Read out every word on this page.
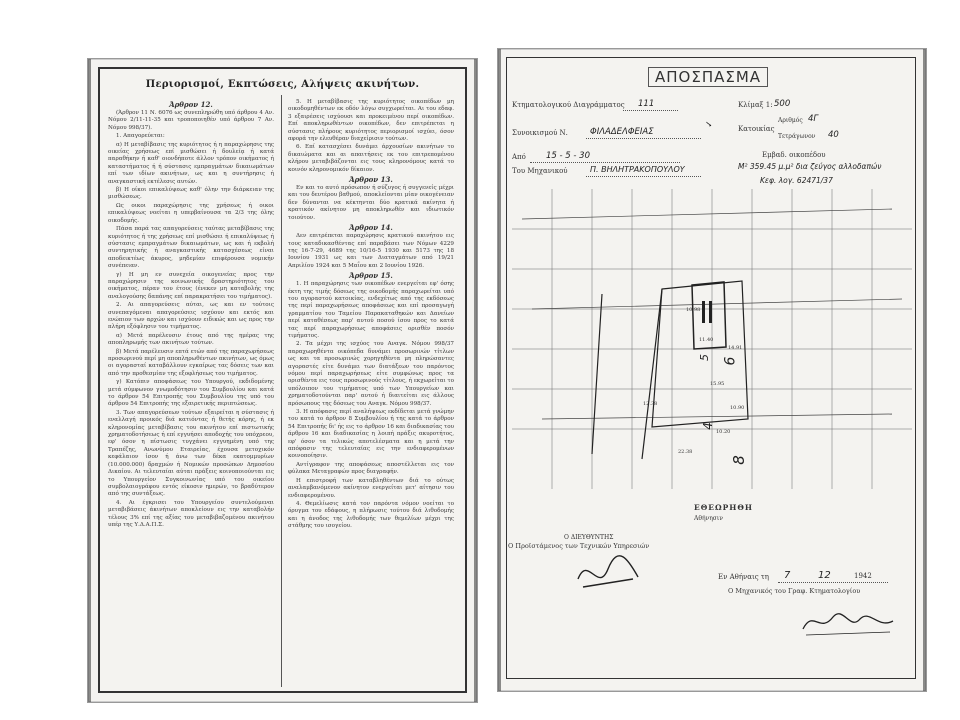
Περιορισμοί, Εκπτώσεις, Αλήψεις ακινήτων.
Άρθρον 12.

(Άρθρον 11 Ν. 6076 ως συνεπληρώθη υπό άρθρου 4 Αν. Νόμου 2/11-11-35 και τροποποιηθέν υπό άρθρου 7 Αν. Νόμου 998/37).

1. Απαγορεύεται:

α) Η μεταβίβασις της κυριότητος ή η παραχώρησις της οικείας χρήσεως επί μισθώσει ή δουλείᾳ ή κατά παραθήκην ή καθ' οιονδήποτε άλλον τρόπον οικήματος ή καταστήματος ή ή σύστασις εμπραγμάτων δικαιωμάτων επί των ιδίων ακινήτων, ως και η συντήρησις ή αναγκαστική εκτέλεσις αυτών.

β) Η οίκοι επικαλύψεως καθ' όλην την διάρκειαν της μισθώσεως.

Ως οικοι παραχώρησις της χρήσεως ή οικοι επικαλύψεως νοείται η υπερβαίνουσα τα 2/3 της όλης οικοδομής.

Πάσα παρά τας απαγορεύσεις ταύτας μεταβίβασις της κυριότητος ή της χρήσεως επί μισθώσει ή επικαλύψεως ή σύστασις εμπραγμάτων δικαιωμάτων, ως και ή εκβολή συντηρητικής ή αναγκαστικής κατασχέσεως είναι αποδεικτέως άκυρος, μηδεμίαν επιφέρουσα νομικήν συνέπειαν.

γ) Η μη εν συνεχεία οικογενείας προς την παραχώρησιν της κοινωνικής δραστηριότητος του οικήματος, πέραν του έτους (ένεκεν μη καταβολής της αναλογούσης δαπάνης επί παρακρατήσει του τιμήματος).

2. Αι απαγορεύσεις αύται, ως και εν τούτοις συνεπαγόμεναι απαγορεύσεις ισχύουν και εκτός και ενώπιον των αρχών και ισχύουν ειδικώς και ως προς την πλήρη εξόφλησιν του τιμήματος.

α) Μετά παρέλευσιν έτους από της ημέρας της αποπληρωμής των ακινήτων τούτων.

β) Μετά παρέλευσιν επτά ετών από της παραχωρήσεως προσωρινού περί μη αποπληρωθέντων ακινήτων, ως όμως οι αγορασταί καταβάλλουν εγκαίρως τας δόσεις των και από την προθεσμίαν της εξοφλήσεως του τιμήματος.

γ) Κατόπιν αποφάσεως του Υπουργού, εκδιδομένης μετά σύμφωνον γνωμοδότησιν του Συμβουλίου και κατά το άρθρον 54 Επιτροπής του Συμβουλίου της υπό του άρθρου 54 Επιτροπής της εξαιρετικής περιπτώσεως.

3. Των απαγορεύσεων τούτων εξαιρείται η σύστασις ή εναλλαγή προικός διά κατιόντας ή θετής κόρης, ή εκ κληρονομίας μεταβίβασις του ακινήτου επί πιστωτικής χρηματοδοτήσεως ή επί εγγυήσει αποδοχής του υπόχρεου, εφ' όσον η πίστωσις τυγχάνει εγγυημένη υπό της Τραπέζης, Ανωνύμου Εταιρείας, έχουσα μετοχικόν κεφάλαιον ίσον ή άνω των δέκα εκατομμυρίων (10.000.000) δραχμών ή Νομικών προσώπων Δημοσίου Δικαίου. Αι τελευταίαι αύται πράξεις κοινοποιούνται εις το Υπουργείον Συγκοινωνίας υπό του οικείου συμβολαιογράφου εντός είκοσιν ημερών, το βραδύτερον από της συντάξεως.

4. Αι έγκρισει του Υπουργείου συντελούμεναι μεταβιβάσεις άκινήτων αποκλείουν εις την καταβολήν τέλους 3% επί της αξίας του μεταβιβαζομένου ακινήτου υπέρ της Υ.Δ.Α.Π.Σ.

5. Η μεταβίβασις της κυριότητος οικοπέδων μη οικοδομηθέντων εκ οδόν λόγω συγχωρείται. Αι του εδαφ. 3 εξαιρέσεις ισχύουσι και προκειμένου περί οικοπέδων. Επί αποκληρωθέντων οικοπέδων, δεν επιτρέπεται η σύστασις πλήρους κυριότητος περιορισμοί ισχύει, όσον αφορά την ελευθέραν διαχείρισιν τούτων.

6. Επί κατασχέσει δυνάμει άρχουσίων ακινήτων το δικαιώματα και αι απαιτήσεις εκ του επιτρεπομένου κλήρου μεταβιβάζονται εις τους κληρονόμους κατά το κοινόν κληρονομικόν δίκαιον.

Άρθρον 13.

Εν και το αυτό πρόσωπον ή σύζυγος ή συγγενείς μέχρι και του δευτέρου βαθμού, αποκλείονται μίαν οικογένειαν δεν δύνανται να κέκτηνται δύο κρατικά ακίνητα ή κρατικόν ακίνητον μη αποκληρωθέν και ιδιωτικόν τοιούτον.

Άρθρον 14.

Δεν επιτρέπεται παραχώρησις κρατικού ακινήτου εις τους καταδικασθέντας επί παραβάσει των Νόμων 4229 της 16-7-29, 4689 της 10/16-5 1930 και 5173 της 18 Ιουνίου 1931 ως και των Διαταγμάτων από 19/21 Απριλίου 1924 και 5 Μαΐου και 2 Ιουνίου 1926.

Άρθρον 15.

1. Η παραχώρησις των οικοπέδων ενεργείται εφ' όσης έκτη της τιμής δόσεως της οικοδομής παραχωρείται υπό του αγοραστού κατοικίας, ενδεχέτως από της εκδόσεως της περί παραχωρήσεως αποφάσεως και επί προσαγωγή γραμματίου του Ταμείου Παρακαταθηκών και Δανείων περί καταθέσεως παρ' αυτού ποσού ίσου προς το κατά τας περί παραχωρήσεως αποφάσεις ορισθέν ποσόν τιμήματος.

2. Τα μέχρι της ισχύος του Αναγκ. Νόμου 998/37 παραχωρηθέντα οικόπεδα δυνάμει προσωρινών τίτλων ως και τα προσωρινώς χορηγηθέντα μη πληρώσαντες αγοραστές είτε δυνάμει των διατάξεων του παρόντος νόμου περί παραχωρήσεως είτε συμφώνως προς τα ορισθέντα εις τους προσωρινούς τίτλους, ή εκχωρείται το υπόλοιπον του τιμήματος υπό των Υπουργείων και χρηματοδοτούνται παρ' αυτού ή διαιτείται εις άλλους πρόσωπους της δόσεως του Αναγκ. Νόμου 998/37.

3. Η απόφασις περί αναλήψεως εκδίδεται μετά γνώμην του κατά το άρθρον 8 Συμβουλίου ή της κατά το άρθρον 54 Επιτροπής δι' ής εις το άρθρον 16 και διαδικασίας του άρθρου 16 και διαδικασίας η λοιπή πράξις ακυροτήτος, εφ' όσον τα τελικώς αποτελέσματα και η μετά την απόφασιν της τελευταίας εις την ενδιαφερομένων κοινοποίησιν.

Αντίγραφον της αποφάσεως αποστέλλεται εις τον φύλακα Μεταγραφών προς διαγραφήν.

Η επιστροφή των καταβληθέντων διά το ούτως αναλαμβανόμενον ακίνητον ενεργείται μετ' αίτησιν του ενδιαφερομένου.

4. Θεμελίωσις κατά τον παρόντα νόμον νοείται το όρυγμα του εδάφους, η πλήρωσις τούτου διά λιθοδομής και η άνοδος της λιθοδομής των θεμελίων μέχρι της στάθμης του ισογείου.

ΑΠΟΣΠΑΣΜΑ
Κτηματολογικού Διαγράμματος 111
Συνοικισμού Ν.	ΦΙΛΑΔΕΛΦΕΙΑΣ
Από 15 - 5 - 30
Του Μηχανικού	Π. ΒΗΛΗΤΡΑΚΟΠΟΥΛΟΥ
✓
Κλίμαξ 1: 500
Κατοικίας
Αριθμός 4Γ
Τετράγωνον 40
Εμβαδ. οικοπέδου
Μ² 359.45 μ.μ² δια ζεύγος αλλοδαπών
Κεφ. λογ. 62471/37
6
5
4
8
10.98
11.40
15.95
14.91
10.20
10.90
12.38
22.38
ΕΘΕΩΡΗΘΗ
Αθήνησιν
Ο ΔΙΕΥΘΥΝΤΗΣ
Ο Προϊστάμενος των Τεχνικών Υπηρεσιών
Εν Αθήναις τη 7	12	1942
Ο Μηχανικός του Γραφ. Κτηματολογίου
